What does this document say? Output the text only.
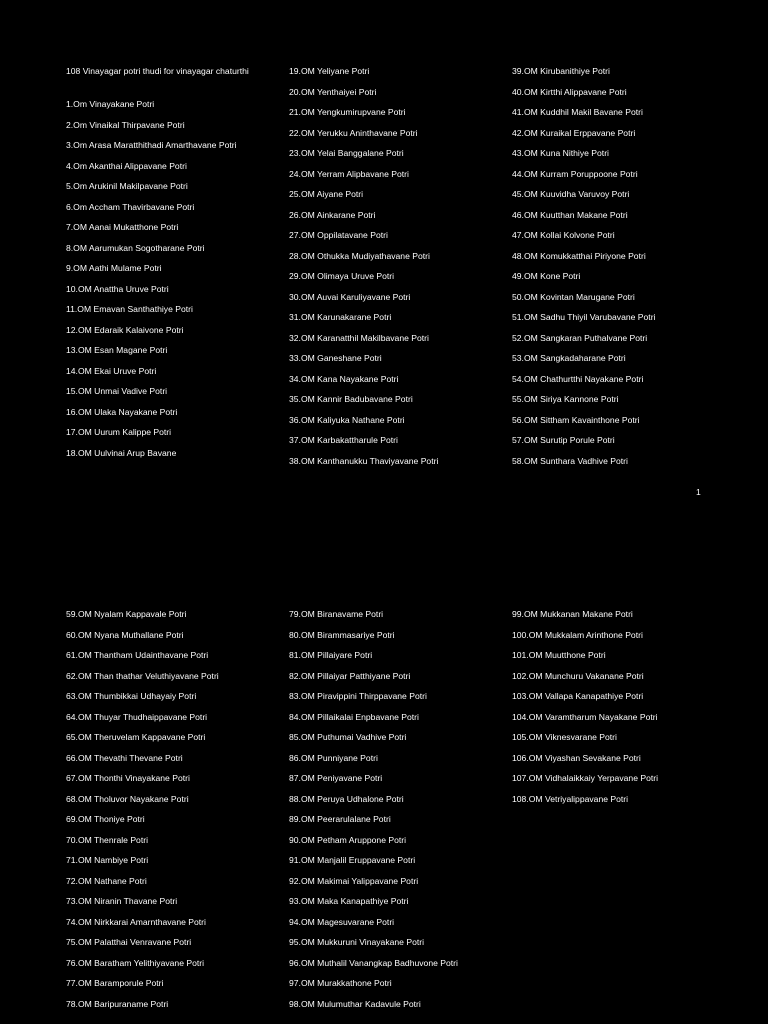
108 Vinayagar potri thudi for vinayagar chaturthi
1.Om Vinayakane Potri
2.Om Vinaikal Thirpavane Potri
3.Om Arasa Maratthithadi Amarthavane Potri
4.Om Akanthai Alippavane Potri
5.Om Arukinil Makilpavane Potri
6.Om Accham Thavirbavane Potri
7.OM Aanai Mukatthone Potri
8.OM Aarumukan Sogotharane Potri
9.OM Aathi Mulame Potri
10.OM Anattha Uruve Potri
11.OM Emavan Santhathiye Potri
12.OM Edaraik Kalaivone Potri
13.OM Esan Magane Potri
14.OM Ekai Uruve Potri
15.OM Unmai Vadive Potri
16.OM Ulaka Nayakane Potri
17.OM Uurum Kalippe Potri
18.OM Uulvinai Arup Bavane
19.OM Yeliyane Potri
20.OM Yenthaiyei Potri
21.OM Yengkumirupvane Potri
22.OM Yerukku Aninthavane Potri
23.OM Yelai Banggalane Potri
24.OM Yerram Alipbavane Potri
25.OM Aiyane Potri
26.OM Ainkarane Potri
27.OM Oppilatavane Potri
28.OM Othukka Mudiyathavane Potri
29.OM Olimaya Uruve Potri
30.OM Auvai Karuliyavane Potri
31.OM Karunakarane Potri
32.OM Karanatthil Makilbavane Potri
33.OM Ganeshane Potri
34.OM Kana Nayakane Potri
35.OM Kannir Badubavane Potri
36.OM Kaliyuka Nathane Potri
37.OM Karbakattharule Potri
38.OM Kanthanukku Thaviyavane Potri
39.OM Kirubanithiye Potri
40.OM Kirtthi Alippavane Potri
41.OM Kuddhil Makil Bavane Potri
42.OM Kuraikal Erppavane Potri
43.OM Kuna Nithiye Potri
44.OM Kurram Poruppoone Potri
45.OM Kuuvidha Varuvoy Potri
46.OM Kuutthan Makane Potri
47.OM Kollai Kolvone Potri
48.OM Komukkatthai Piriyone Potri
49.OM Kone Potri
50.OM Kovintan Marugane Potri
51.OM Sadhu Thiyil Varubavane Potri
52.OM Sangkaran Puthalvane Potri
53.OM Sangkadaharane Potri
54.OM Chathurtthi Nayakane Potri
55.OM Siriya Kannone Potri
56.OM Sittham Kavainthone Potri
57.OM Surutip Porule Potri
58.OM Sunthara Vadhive Potri
1
59.OM Nyalam Kappavale Potri
60.OM Nyana Muthallane Potri
61.OM Thantham Udainthavane Potri
62.OM Than thathar Veluthiyavane Potri
63.OM Thumbikkai Udhayaiy Potri
64.OM Thuyar Thudhaippavane Potri
65.OM Theruvelam Kappavane Potri
66.OM Thevathi Thevane Potri
67.OM Thonthi Vinayakane Potri
68.OM Tholuvor Nayakane Potri
69.OM Thoniye Potri
70.OM Thenrale Potri
71.OM Nambiye Potri
72.OM Nathane Potri
73.OM Niranin Thavane Potri
74.OM Nirkkarai Amarnthavane Potri
75.OM Palatthai Venravane Potri
76.OM Baratham Yelithiyavane Potri
77.OM Baramporule Potri
78.OM Baripuraname Potri
79.OM Biranavame Potri
80.OM Birammasariye Potri
81.OM Pillaiyare Potri
82.OM Pillaiyar Patthiyane Potri
83.OM Piravippini Thirppavane Potri
84.OM Pillaikalai Enpbavane Potri
85.OM Puthumai Vadhive Potri
86.OM Punniyane Potri
87.OM Peniyavane Potri
88.OM Peruya Udhalone Potri
89.OM Peerarulalane Potri
90.OM Petham Aruppone Potri
91.OM Manjalil Eruppavane Potri
92.OM Makimai Yalippavane Potri
93.OM Maka Kanapathiye Potri
94.OM Magesuvarane Potri
95.OM Mukkuruni Vinayakane Potri
96.OM Muthalil Vanangkap Badhuvone Potri
97.OM Murakkathone Potri
98.OM Mulumuthar Kadavule Potri
99.OM Mukkanan Makane Potri
100.OM Mukkalam Arinthone Potri
101.OM Muutthone Potri
102.OM Munchuru Vakanane Potri
103.OM Vallapa Kanapathiye Potri
104.OM Varamtharum Nayakane Potri
105.OM Viknesvarane Potri
106.OM Viyashan Sevakane Potri
107.OM Vidhalaikkaiy Yerpavane Potri
108.OM Vetriyalippavane Potri
